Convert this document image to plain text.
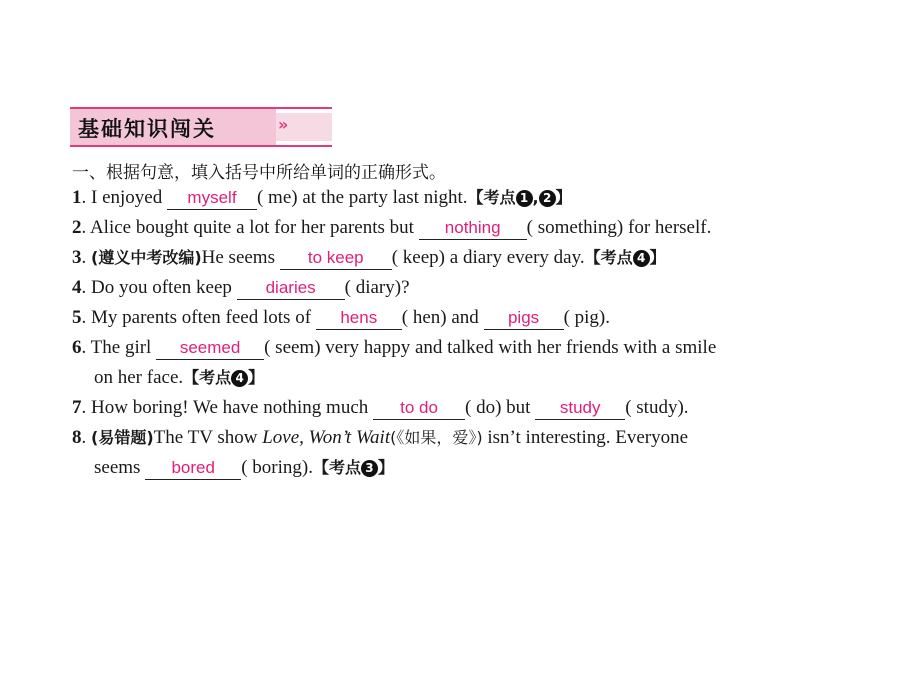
基础知识闯关	»
一、根据句意，填入括号中所给单词的正确形式。
1. I enjoyed myself ( me) at the party last night.【考点 1 , 2 】
2. Alice bought quite a lot for her parents but nothing ( something) for herself.
3. (遵义中考改编)He seems to keep ( keep) a diary every day.【考点 4 】
4. Do you often keep diaries ( diary)?
5. My parents often feed lots of hens ( hen) and pigs ( pig).
6. The girl seemed ( seem) very happy and talked with her friends with a smile
on her face.【考点 4 】
7. How boring! We have nothing much to do ( do) but study ( study).
8. (易错题)The TV show Love, Won’t Wait(《如果，爱》) isn’t interesting. Everyone
seems bored ( boring).【考点 3 】
